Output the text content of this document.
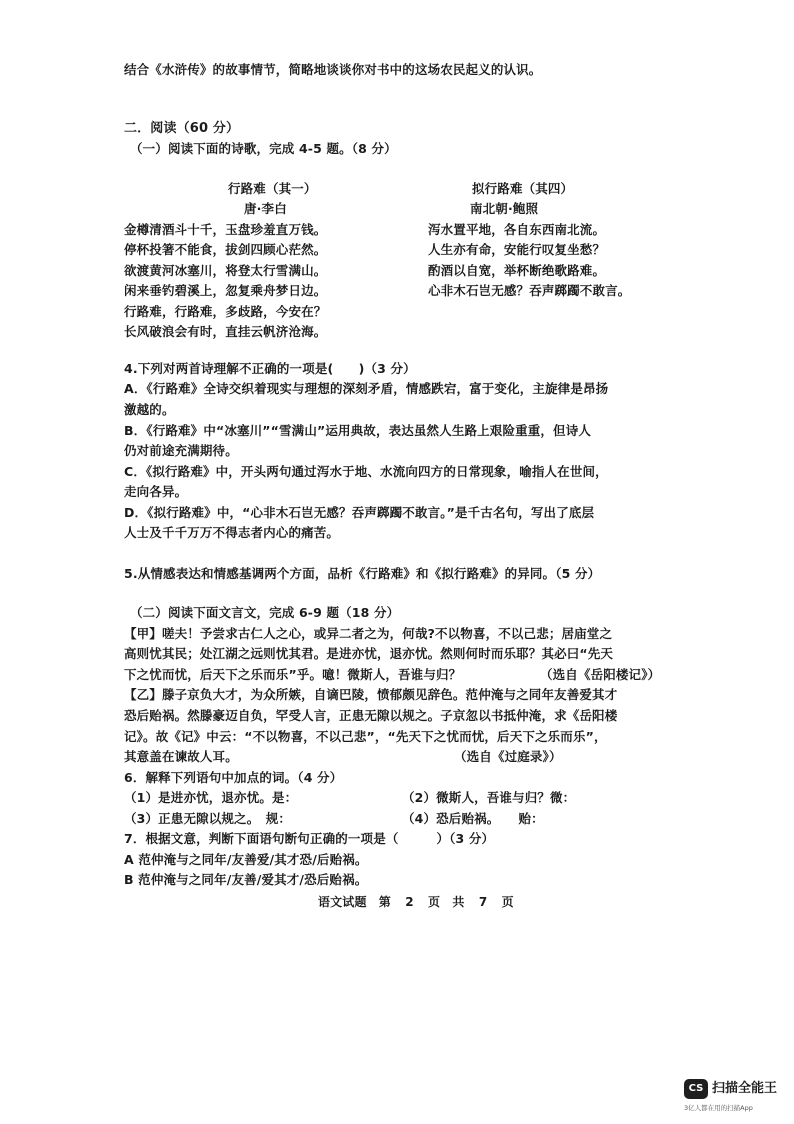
结合《水浒传》的故事情节，简略地谈谈你对书中的这场农民起义的认识。
二．阅读（60 分）
（一）阅读下面的诗歌，完成 4-5 题。（8 分）
行路难（其一）
唐·李白
金樽清酒斗十千，玉盘珍羞直万钱。
停杯投箸不能食，拔剑四顾心茫然。
欲渡黄河冰塞川，将登太行雪满山。
闲来垂钓碧溪上，忽复乘舟梦日边。
行路难，行路难，多歧路，今安在？
长风破浪会有时，直挂云帆济沧海。
拟行路难（其四）
南北朝·鲍照
泻水置平地，各自东西南北流。
人生亦有命，安能行叹复坐愁？
酌酒以自宽，举杯断绝歌路难。
心非木石岂无感？吞声踯躅不敢言。
4.下列对两首诗理解不正确的一项是(　　)（3 分）
A．《行路难》全诗交织着现实与理想的深刻矛盾，情感跌宕，富于变化，主旋律是昂扬
激越的。
B．《行路难》中“冰塞川”“雪满山”运用典故，表达虽然人生路上艰险重重，但诗人
仍对前途充满期待。
C．《拟行路难》中，开头两句通过泻水于地、水流向四方的日常现象，喻指人在世间，
走向各异。
D．《拟行路难》中，“心非木石岂无感？吞声踯躅不敢言。”是千古名句，写出了底层
人士及千千万万不得志者内心的痛苦。
5.从情感表达和情感基调两个方面，品析《行路难》和《拟行路难》的异同。（5 分）
（二）阅读下面文言文，完成 6-9 题（18 分）
【甲】嗟夫！予尝求古仁人之心，或异二者之为，何哉?不以物喜，不以己悲；居庙堂之
高则忧其民；处江湖之远则忧其君。是进亦忧，退亦忧。然则何时而乐耶？其必曰“先天
下之忧而忧，后天下之乐而乐”乎。噫！微斯人，吾谁与归？	（选自《岳阳楼记》）
【乙】滕子京负大才，为众所嫉，自谪巴陵，愤郁颇见辞色。范仲淹与之同年友善爱其才
恐后贻祸。然滕豪迈自负，罕受人言，正患无隙以规之。子京忽以书抵仲淹，求《岳阳楼
记》。故《记》中云：“不以物喜，不以己悲”，“先天下之忧而忧，后天下之乐而乐”，
其意盖在谏故人耳。	（选自《过庭录》）
6．解释下列语句中加点的词。（4 分）
（1）是进亦忧，退亦忧。是：	（2）微斯人，吾谁与归？微：
（3）正患无隙以规之。　规：	（4）恐后贻祸。　　贻：
7．根据文意，判断下面语句断句正确的一项是（　　　）（3 分）
A 范仲淹与之同年/友善爱/其才恐/后贻祸。
B 范仲淹与之同年/友善/爱其才/恐后贻祸。
语文试题　第 2 页　共 7 页
CS 扫描全能王
3亿人都在用的扫描App
